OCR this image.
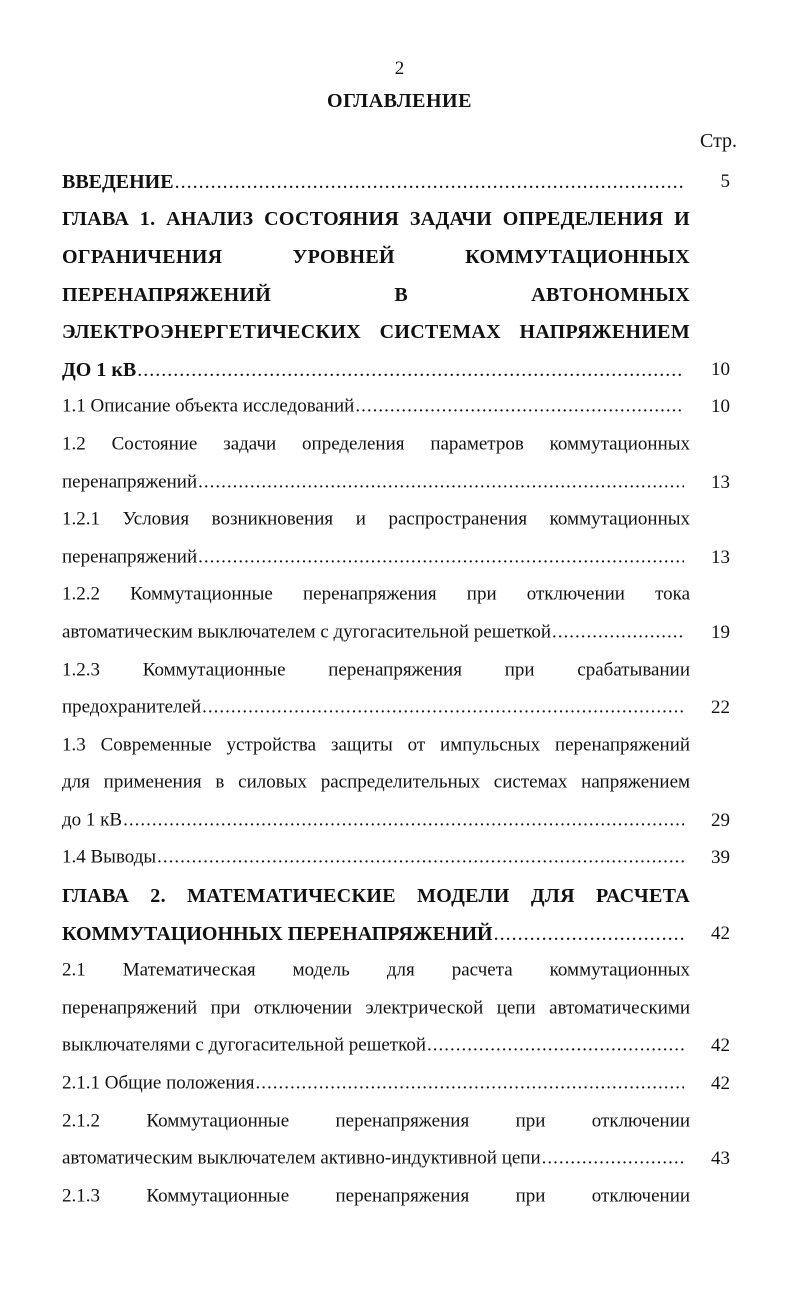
2
ОГЛАВЛЕНИЕ
Стр.
ВВЕДЕНИЕ .....	5
ГЛАВА 1. АНАЛИЗ СОСТОЯНИЯ ЗАДАЧИ ОПРЕДЕЛЕНИЯ И
ОГРАНИЧЕНИЯ	УРОВНЕЙ	КОММУТАЦИОННЫХ
ПЕРЕНАПРЯЖЕНИЙ	В	АВТОНОМНЫХ
ЭЛЕКТРОЭНЕРГЕТИЧЕСКИХ СИСТЕМАХ НАПРЯЖЕНИЕМ
ДО 1 кВ .....	10
1.1 Описание объекта исследований .....	10
1.2 Состояние задачи определения параметров коммутационных
перенапряжений .....	13
1.2.1 Условия возникновения и распространения коммутационных
перенапряжений .....	13
1.2.2 Коммутационные перенапряжения при отключении тока
автоматическим выключателем с дугогасительной решеткой .....	19
1.2.3 Коммутационные перенапряжения при срабатывании
предохранителей .....	22
1.3 Современные устройства защиты от импульсных перенапряжений
для применения в силовых распределительных системах напряжением
до 1 кВ .....	29
1.4 Выводы .....	39
ГЛАВА 2. МАТЕМАТИЧЕСКИЕ МОДЕЛИ ДЛЯ РАСЧЕТА
КОММУТАЦИОННЫХ ПЕРЕНАПРЯЖЕНИЙ .....	42
2.1 Математическая модель для расчета коммутационных
перенапряжений при отключении электрической цепи автоматическими
выключателями с дугогасительной решеткой .....	42
2.1.1 Общие положения .....	42
2.1.2 Коммутационные перенапряжения при отключении
автоматическим выключателем активно-индуктивной цепи .....	43
2.1.3 Коммутационные перенапряжения при отключении
